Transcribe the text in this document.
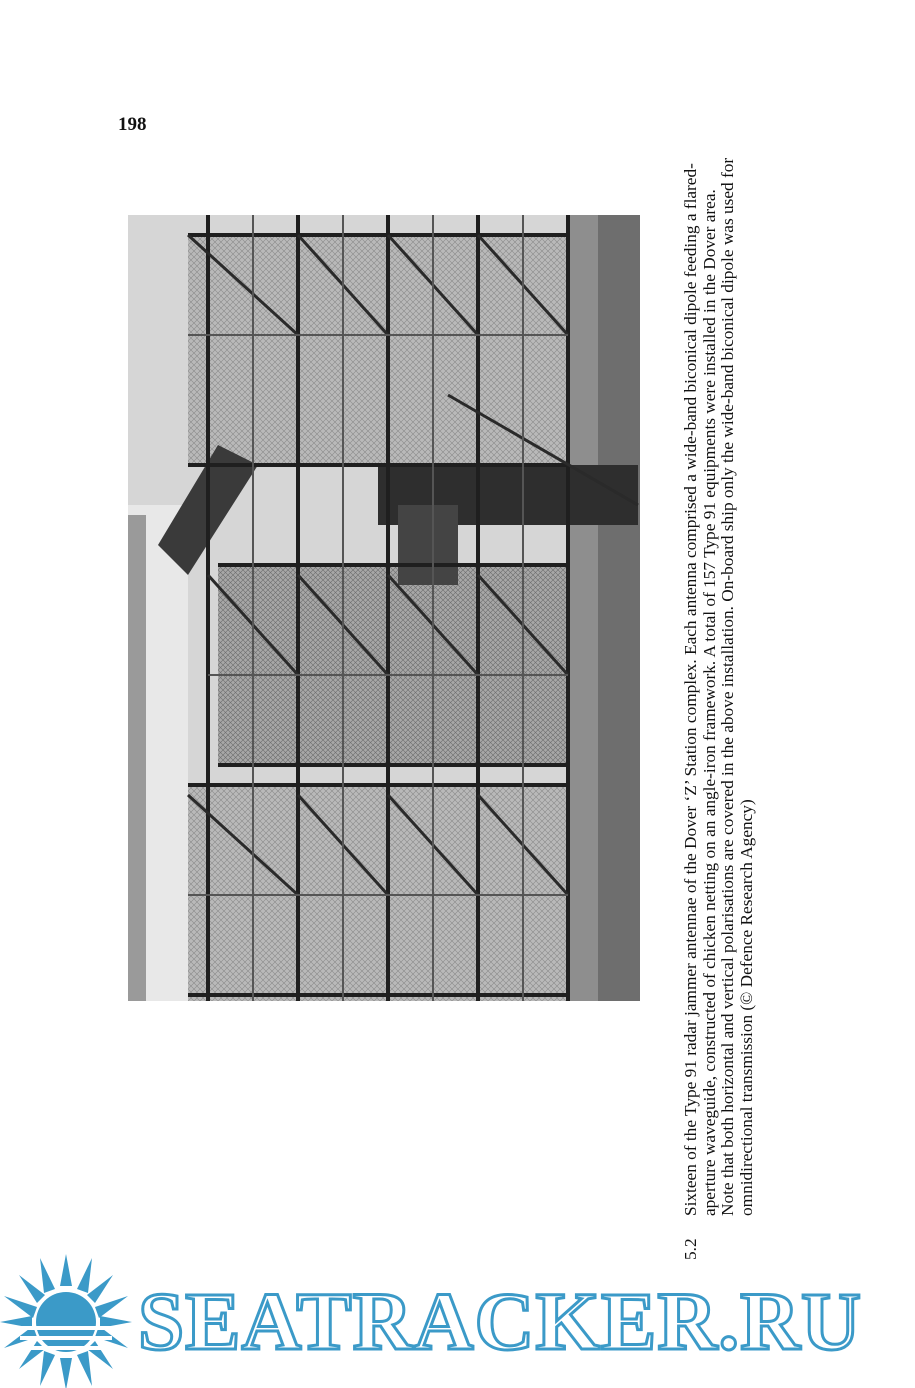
198
5.2
Sixteen of the Type 91 radar jammer antennae of the Dover ‘Z’ Station complex. Each antenna comprised a wide-band biconical dipole feeding a flared-aperture waveguide, constructed of chicken netting on an angle-iron framework. A total of 157 Type 91 equipments were installed in the Dover area. Note that both horizontal and vertical polarisations are covered in the above installation. On-board ship only the wide-band biconical dipole was used for omnidirectional transmission (© Defence Research Agency)
SEATRACKER.RU
